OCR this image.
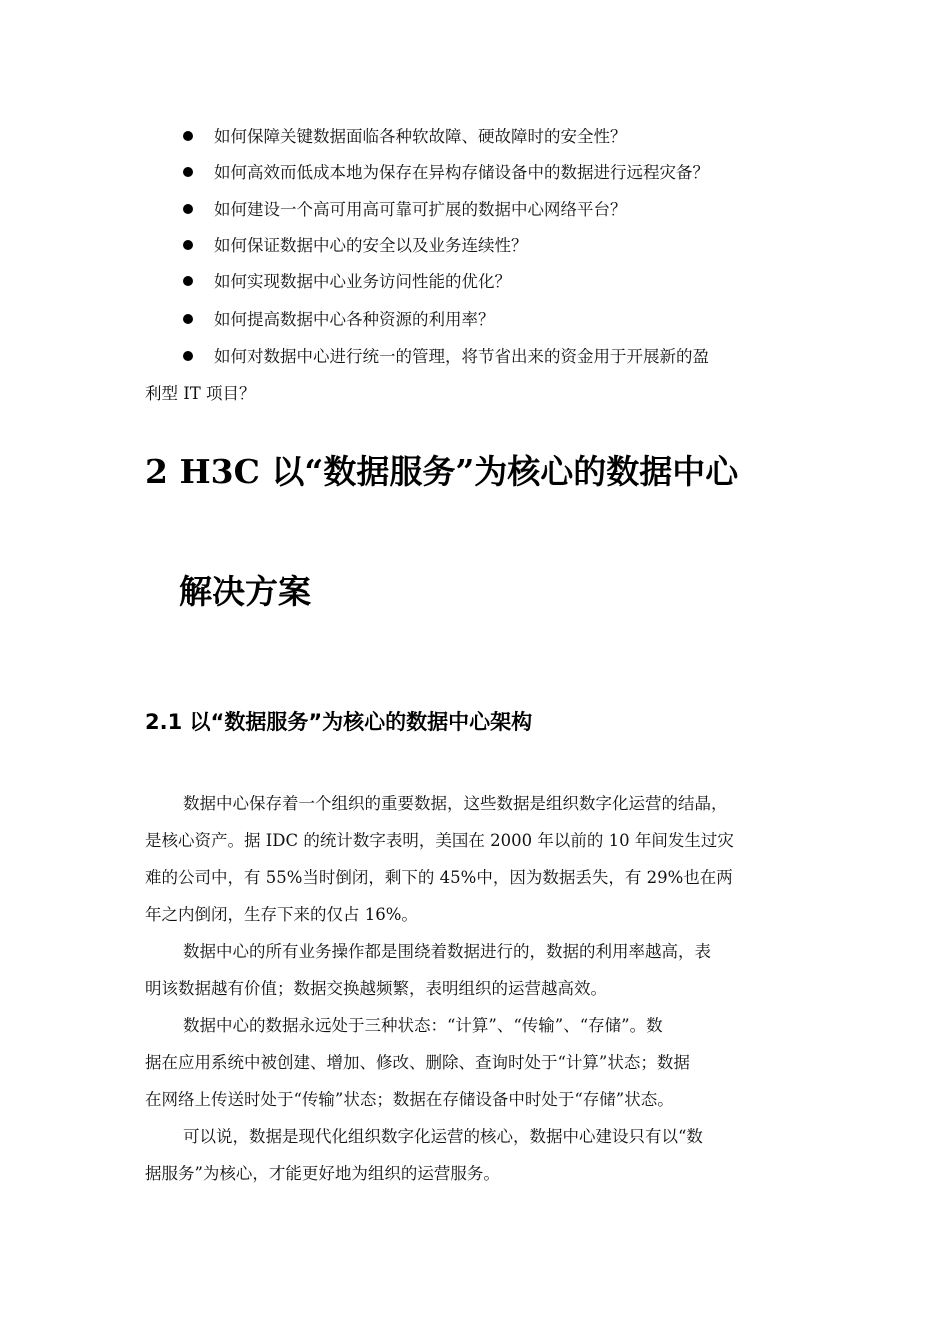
如何保障关键数据面临各种软故障、硬故障时的安全性？
如何高效而低成本地为保存在异构存储设备中的数据进行远程灾备？
如何建设一个高可用高可靠可扩展的数据中心网络平台？
如何保证数据中心的安全以及业务连续性？
如何实现数据中心业务访问性能的优化？
如何提高数据中心各种资源的利用率？
如何对数据中心进行统一的管理，将节省出来的资金用于开展新的盈
利型 IT 项目？
2 H3C 以“数据服务”为核心的数据中心
解决方案
2.1 以“数据服务”为核心的数据中心架构
数据中心保存着一个组织的重要数据，这些数据是组织数字化运营的结晶，
是核心资产。据 IDC 的统计数字表明，美国在 2000 年以前的 10 年间发生过灾
难的公司中，有 55%当时倒闭，剩下的 45%中，因为数据丢失，有 29%也在两
年之内倒闭，生存下来的仅占 16%。
数据中心的所有业务操作都是围绕着数据进行的，数据的利用率越高，表
明该数据越有价值；数据交换越频繁，表明组织的运营越高效。
数据中心的数据永远处于三种状态：“计算”、“传输”、“存储”。数
据在应用系统中被创建、增加、修改、删除、查询时处于“计算”状态；数据
在网络上传送时处于“传输”状态；数据在存储设备中时处于“存储”状态。
可以说，数据是现代化组织数字化运营的核心，数据中心建设只有以“数
据服务”为核心，才能更好地为组织的运营服务。
